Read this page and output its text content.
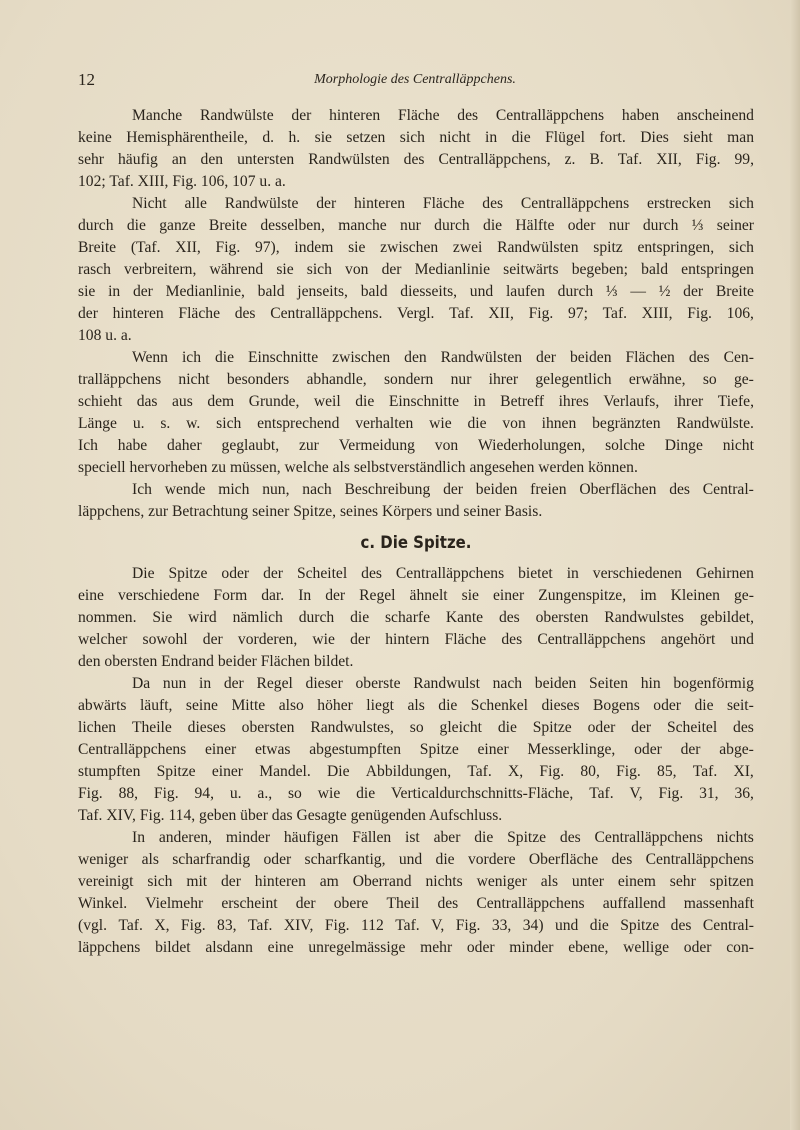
12	Morphologie des Centralläppchens.
Manche Randwülste der hinteren Fläche des Centralläppchens haben anscheinend
keine Hemisphärentheile, d. h. sie setzen sich nicht in die Flügel fort. Dies sieht man
sehr häufig an den untersten Randwülsten des Centralläppchens, z. B. Taf. XII, Fig. 99,
102; Taf. XIII, Fig. 106, 107 u. a.
Nicht alle Randwülste der hinteren Fläche des Centralläppchens erstrecken sich
durch die ganze Breite desselben, manche nur durch die Hälfte oder nur durch ⅓ seiner
Breite (Taf. XII, Fig. 97), indem sie zwischen zwei Randwülsten spitz entspringen, sich
rasch verbreitern, während sie sich von der Medianlinie seitwärts begeben; bald entspringen
sie in der Medianlinie, bald jenseits, bald diesseits, und laufen durch ⅓ — ½ der Breite
der hinteren Fläche des Centralläppchens. Vergl. Taf. XII, Fig. 97; Taf. XIII, Fig. 106,
108 u. a.
Wenn ich die Einschnitte zwischen den Randwülsten der beiden Flächen des Cen-
tralläppchens nicht besonders abhandle, sondern nur ihrer gelegentlich erwähne, so ge-
schieht das aus dem Grunde, weil die Einschnitte in Betreff ihres Verlaufs, ihrer Tiefe,
Länge u. s. w. sich entsprechend verhalten wie die von ihnen begränzten Randwülste.
Ich habe daher geglaubt, zur Vermeidung von Wiederholungen, solche Dinge nicht
speciell hervorheben zu müssen, welche als selbstverständlich angesehen werden können.
Ich wende mich nun, nach Beschreibung der beiden freien Oberflächen des Central-
läppchens, zur Betrachtung seiner Spitze, seines Körpers und seiner Basis.
c. Die Spitze.
Die Spitze oder der Scheitel des Centralläppchens bietet in verschiedenen Gehirnen
eine verschiedene Form dar. In der Regel ähnelt sie einer Zungenspitze, im Kleinen ge-
nommen. Sie wird nämlich durch die scharfe Kante des obersten Randwulstes gebildet,
welcher sowohl der vorderen, wie der hintern Fläche des Centralläppchens angehört und
den obersten Endrand beider Flächen bildet.
Da nun in der Regel dieser oberste Randwulst nach beiden Seiten hin bogenförmig
abwärts läuft, seine Mitte also höher liegt als die Schenkel dieses Bogens oder die seit-
lichen Theile dieses obersten Randwulstes, so gleicht die Spitze oder der Scheitel des
Centralläppchens einer etwas abgestumpften Spitze einer Messerklinge, oder der abge-
stumpften Spitze einer Mandel. Die Abbildungen, Taf. X, Fig. 80, Fig. 85, Taf. XI,
Fig. 88, Fig. 94, u. a., so wie die Verticaldurchschnitts-Fläche, Taf. V, Fig. 31, 36,
Taf. XIV, Fig. 114, geben über das Gesagte genügenden Aufschluss.
In anderen, minder häufigen Fällen ist aber die Spitze des Centralläppchens nichts
weniger als scharfrandig oder scharfkantig, und die vordere Oberfläche des Centralläppchens
vereinigt sich mit der hinteren am Oberrand nichts weniger als unter einem sehr spitzen
Winkel. Vielmehr erscheint der obere Theil des Centralläppchens auffallend massenhaft
(vgl. Taf. X, Fig. 83, Taf. XIV, Fig. 112 Taf. V, Fig. 33, 34) und die Spitze des Central-
läppchens bildet alsdann eine unregelmässige mehr oder minder ebene, wellige oder con-
